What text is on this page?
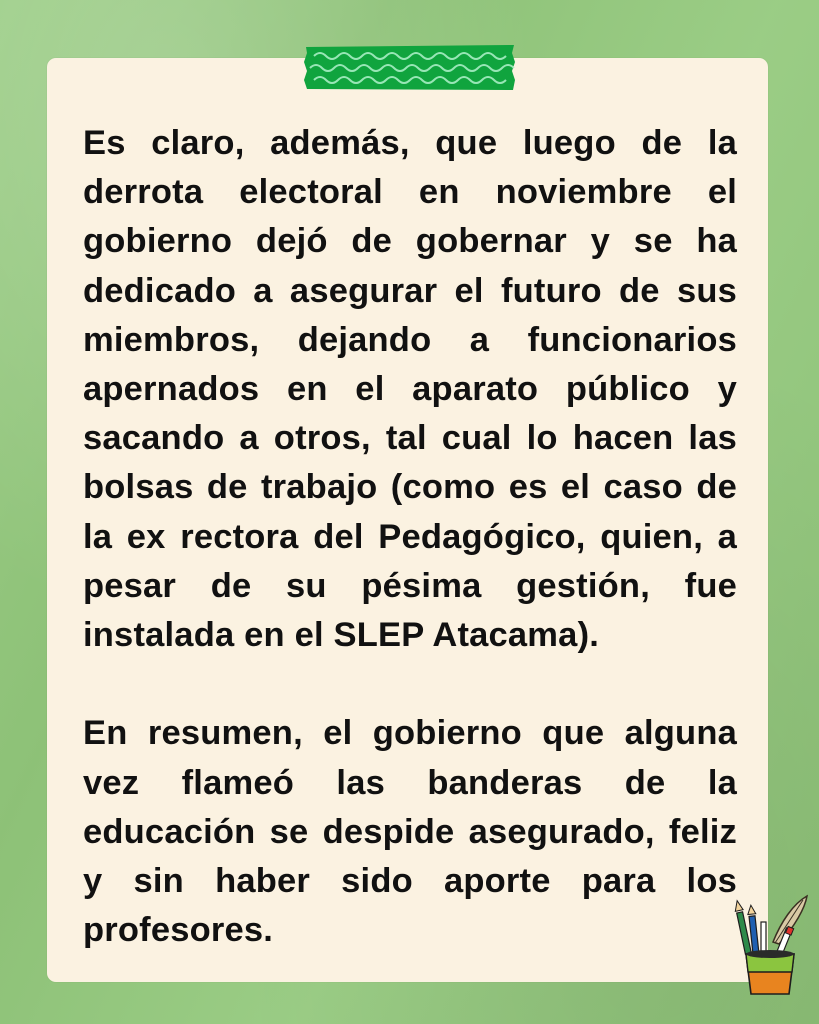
Es claro, además, que luego de la derrota electoral en noviembre el gobierno dejó de gobernar y se ha dedicado a asegurar el futuro de sus miembros, dejando a funcionarios apernados en el aparato público y sacando a otros, tal cual lo hacen las bolsas de trabajo (como es el caso de la ex rectora del Pedagógico, quien, a pesar de su pésima gestión, fue instalada en el SLEP Atacama).

En resumen, el gobierno que alguna vez flameó las banderas de la educación se despide asegurado, feliz y sin haber sido aporte para los profesores.
